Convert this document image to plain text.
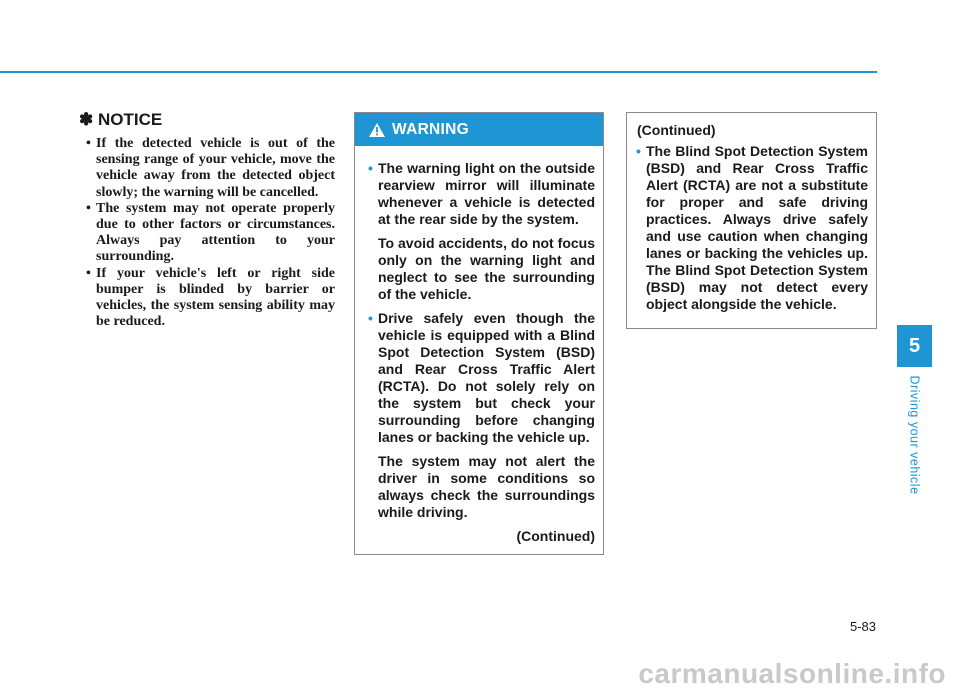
✽ NOTICE
• If the detected vehicle is out of the sensing range of your vehicle, move the vehicle away from the detected object slowly; the warning will be cancelled.
• The system may not operate properly due to other factors or circumstances. Always pay attention to your surrounding.
• If your vehicle's left or right side bumper is blinded by barrier or vehicles, the system sensing ability may be reduced.
WARNING

• The warning light on the outside rearview mirror will illuminate whenever a vehicle is detected at the rear side by the system.

To avoid accidents, do not focus only on the warning light and neglect to see the surrounding of the vehicle.

• Drive safely even though the vehicle is equipped with a Blind Spot Detection System (BSD) and Rear Cross Traffic Alert (RCTA). Do not solely rely on the system but check your surrounding before changing lanes or backing the vehicle up.

The system may not alert the driver in some conditions so always check the surroundings while driving.

(Continued)

(Continued)

• The Blind Spot Detection System (BSD) and Rear Cross Traffic Alert (RCTA) are not a substitute for proper and safe driving practices. Always drive safely and use caution when changing lanes or backing the vehicles up. The Blind Spot Detection System (BSD) may not detect every object alongside the vehicle.

5
Driving your vehicle
5-83
carmanualsonline.info
